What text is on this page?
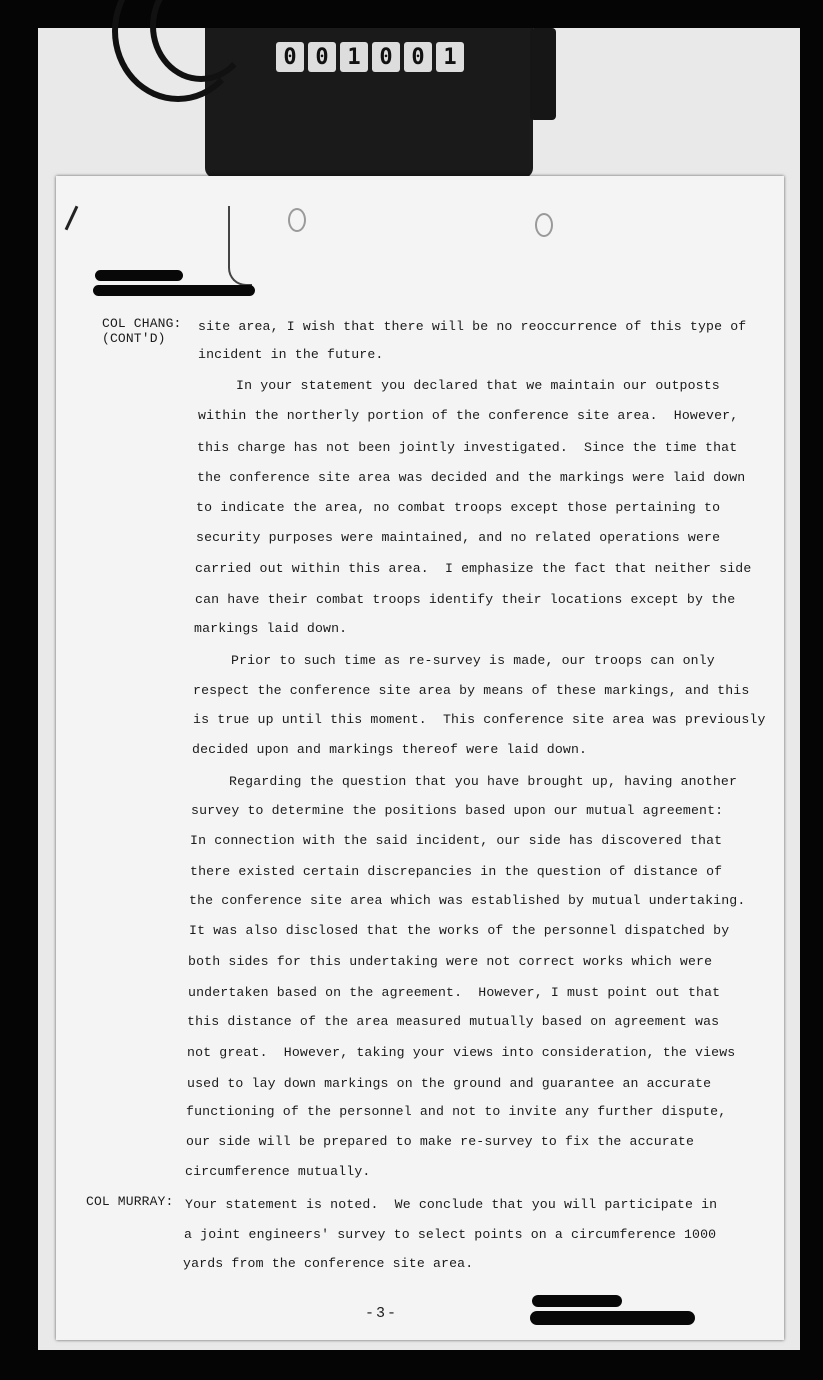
0 0 1 0 0 1
COL CHANG:
(CONT'D)
site area, I wish that there will be no reoccurrence of this type of
incident in the future.
In your statement you declared that we maintain our outposts
within the northerly portion of the conference site area.  However,
this charge has not been jointly investigated.  Since the time that
the conference site area was decided and the markings were laid down
to indicate the area, no combat troops except those pertaining to
security purposes were maintained, and no related operations were
carried out within this area.  I emphasize the fact that neither side
can have their combat troops identify their locations except by the
markings laid down.
Prior to such time as re-survey is made, our troops can only
respect the conference site area by means of these markings, and this
is true up until this moment.  This conference site area was previously
decided upon and markings thereof were laid down.
Regarding the question that you have brought up, having another
survey to determine the positions based upon our mutual agreement:
In connection with the said incident, our side has discovered that
there existed certain discrepancies in the question of distance of
the conference site area which was established by mutual undertaking.
It was also disclosed that the works of the personnel dispatched by
both sides for this undertaking were not correct works which were
undertaken based on the agreement.  However, I must point out that
this distance of the area measured mutually based on agreement was
not great.  However, taking your views into consideration, the views
used to lay down markings on the ground and guarantee an accurate
functioning of the personnel and not to invite any further dispute,
our side will be prepared to make re-survey to fix the accurate
circumference mutually.
COL MURRAY: Your statement is noted.  We conclude that you will participate in
a joint engineers' survey to select points on a circumference 1000
yards from the conference site area.
-3-
